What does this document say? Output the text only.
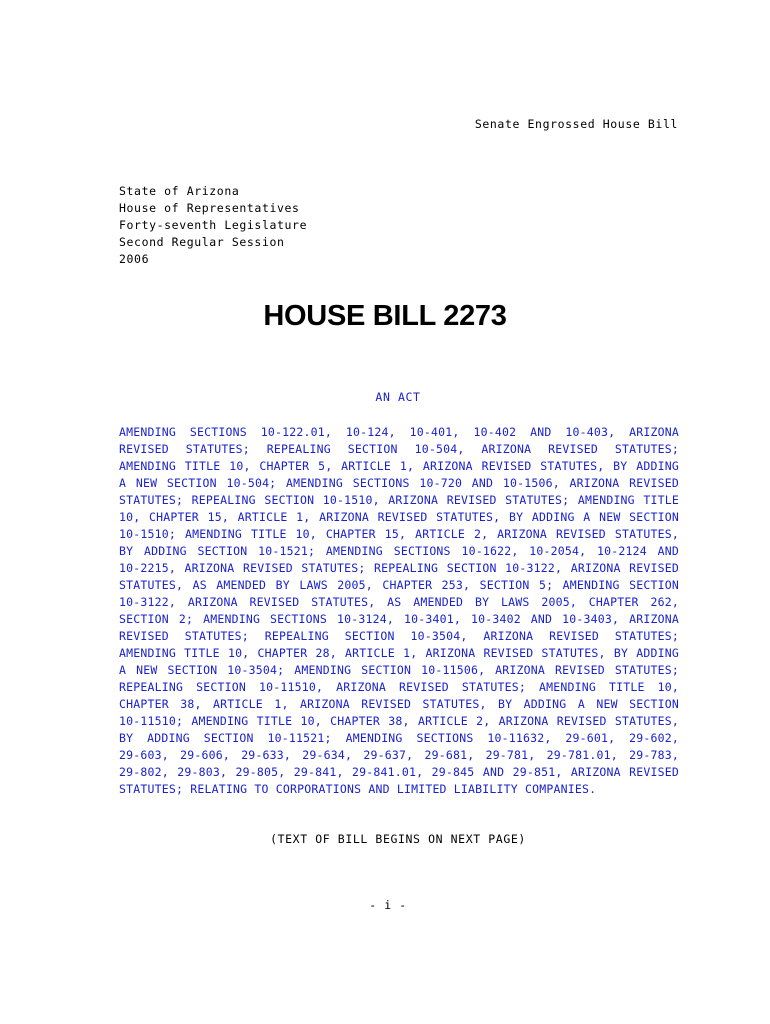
Senate Engrossed House Bill
State of Arizona
House of Representatives
Forty-seventh Legislature
Second Regular Session
2006
HOUSE BILL 2273
AN ACT
AMENDING SECTIONS 10-122.01, 10-124, 10-401, 10-402 AND 10-403, ARIZONA
REVISED STATUTES; REPEALING SECTION 10-504, ARIZONA REVISED STATUTES;
AMENDING TITLE 10, CHAPTER 5, ARTICLE 1, ARIZONA REVISED STATUTES, BY ADDING
A NEW SECTION 10-504; AMENDING SECTIONS 10-720 AND 10-1506, ARIZONA REVISED
STATUTES; REPEALING SECTION 10-1510, ARIZONA REVISED STATUTES; AMENDING TITLE
10, CHAPTER 15, ARTICLE 1, ARIZONA REVISED STATUTES, BY ADDING A NEW SECTION
10-1510; AMENDING TITLE 10, CHAPTER 15, ARTICLE 2, ARIZONA REVISED STATUTES,
BY ADDING SECTION 10-1521; AMENDING SECTIONS 10-1622, 10-2054, 10-2124 AND
10-2215, ARIZONA REVISED STATUTES; REPEALING SECTION 10-3122, ARIZONA REVISED
STATUTES, AS AMENDED BY LAWS 2005, CHAPTER 253, SECTION 5; AMENDING SECTION
10-3122, ARIZONA REVISED STATUTES, AS AMENDED BY LAWS 2005, CHAPTER 262,
SECTION 2; AMENDING SECTIONS 10-3124, 10-3401, 10-3402 AND 10-3403, ARIZONA
REVISED STATUTES; REPEALING SECTION 10-3504, ARIZONA REVISED STATUTES;
AMENDING TITLE 10, CHAPTER 28, ARTICLE 1, ARIZONA REVISED STATUTES, BY ADDING
A NEW SECTION 10-3504; AMENDING SECTION 10-11506, ARIZONA REVISED STATUTES;
REPEALING SECTION 10-11510, ARIZONA REVISED STATUTES; AMENDING TITLE 10,
CHAPTER 38, ARTICLE 1, ARIZONA REVISED STATUTES, BY ADDING A NEW SECTION
10-11510; AMENDING TITLE 10, CHAPTER 38, ARTICLE 2, ARIZONA REVISED STATUTES,
BY ADDING SECTION 10-11521; AMENDING SECTIONS 10-11632, 29-601, 29-602,
29-603, 29-606, 29-633, 29-634, 29-637, 29-681, 29-781, 29-781.01, 29-783,
29-802, 29-803, 29-805, 29-841, 29-841.01, 29-845 AND 29-851, ARIZONA REVISED
STATUTES; RELATING TO CORPORATIONS AND LIMITED LIABILITY COMPANIES.
(TEXT OF BILL BEGINS ON NEXT PAGE)
- i -
